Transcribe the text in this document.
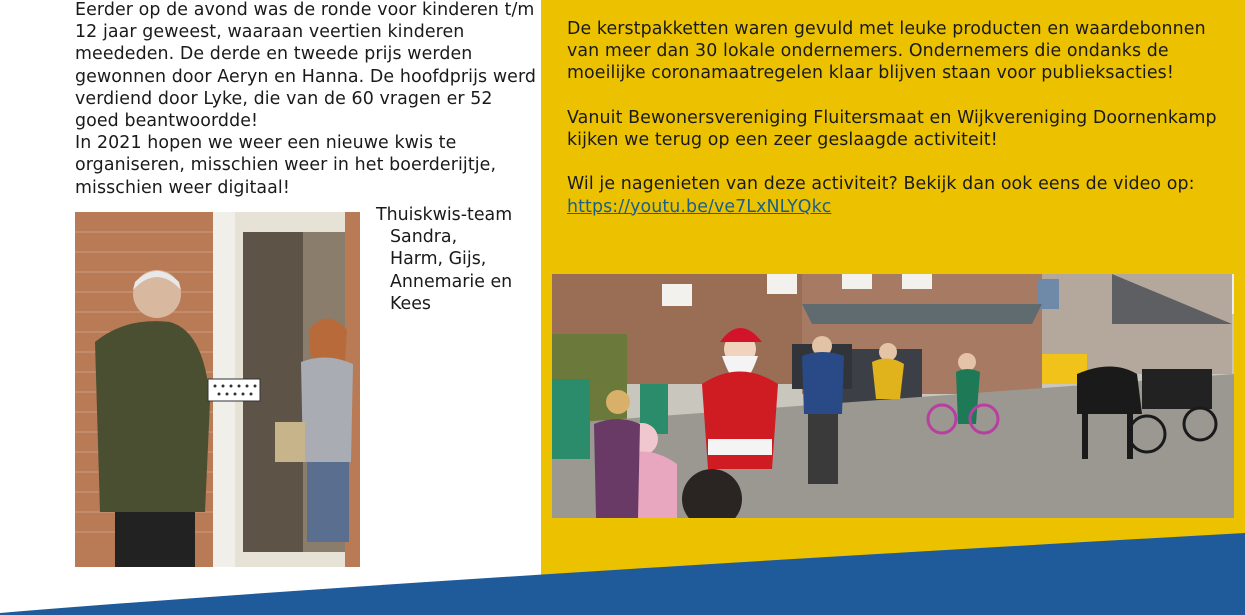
Eerder op de avond was de ronde voor kinderen t/m 12 jaar geweest, waaraan veertien kinderen meededen. De derde en tweede prijs werden gewonnen door Aeryn en Hanna. De hoofdprijs werd verdiend door Lyke, die van de 60 vragen er 52 goed beantwoordde!

In 2021 hopen we weer een nieuwe kwis te organiseren, misschien weer in het boerderijtje, misschien weer digitaal!

Thuiskwis-team
Sandra,
Harm, Gijs,
Annemarie en
Kees

De kerstpakketten waren gevuld met leuke producten en waardebonnen van meer dan 30 lokale ondernemers. Ondernemers die ondanks de moeilijke coronamaatregelen klaar blijven staan voor publieksacties!

Vanuit Bewonersvereniging Fluitersmaat en Wijkvereniging Doornenkamp kijken we terug op een zeer geslaagde activiteit!

Wil je nagenieten van deze activiteit? Bekijk dan ook eens de video op: https://youtu.be/ve7LxNLYQkc
